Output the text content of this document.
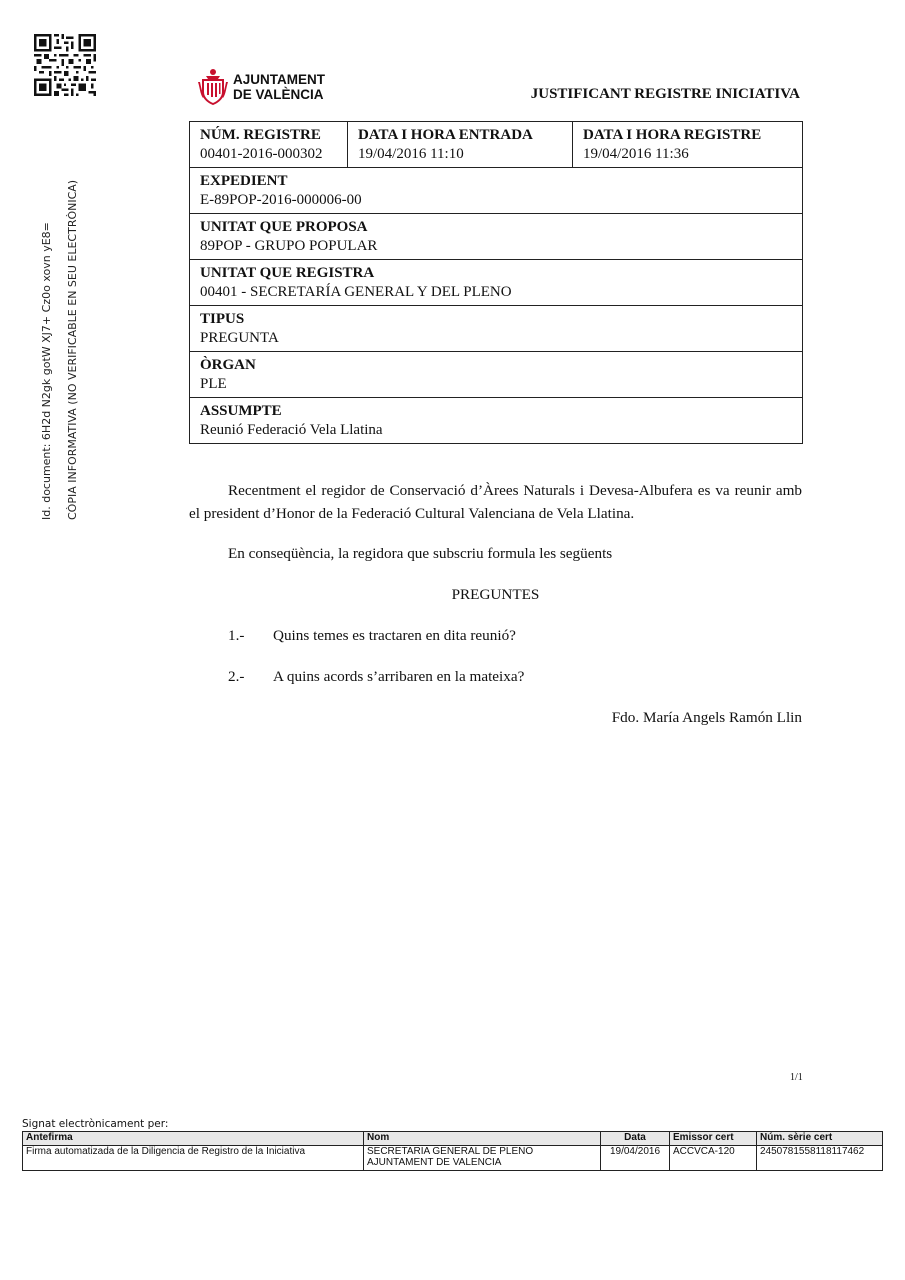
Id. document: 6H2d N2gk gotW XJ7+ Cz0o xovn yE8=	CÒPIA INFORMATIVA (NO VERIFICABLE EN SEU ELECTRÒNICA)
AJUNTAMENT
DE VALÈNCIA	JUSTIFICANT REGISTRE INICIATIVA
NÚM. REGISTRE
00401-2016-000302	
DATA I HORA ENTRADA
19/04/2016 11:10	
DATA I HORA REGISTRE
19/04/2016 11:36

EXPEDIENT
E-89POP-2016-000006-00

UNITAT QUE PROPOSA
89POP - GRUPO POPULAR

UNITAT QUE REGISTRA
00401 - SECRETARÍA GENERAL Y DEL PLENO

TIPUS
PREGUNTA

ÒRGAN
PLE

ASSUMPTE
Reunió Federació Vela Llatina
Recentment el regidor de Conservació d’Àrees Naturals i Devesa-Albufera es va reunir amb el president d’Honor de la Federació Cultural Valenciana de Vela Llatina.
En conseqüència, la regidora que subscriu formula les següents
PREGUNTES
1.-	Quins temes es tractaren en dita reunió?
2.-	A quins acords s’arribaren en la mateixa?
Fdo. María Angels Ramón Llin
1/1
Signat electrònicament per:
Antefirma	Nom	Data	Emissor cert	Núm. sèrie cert
Firma automatizada de la Diligencia de Registro de la Iniciativa	SECRETARIA GENERAL DE PLENO
AJUNTAMENT DE VALENCIA	19/04/2016	ACCVCA-120	2450781558118117462
